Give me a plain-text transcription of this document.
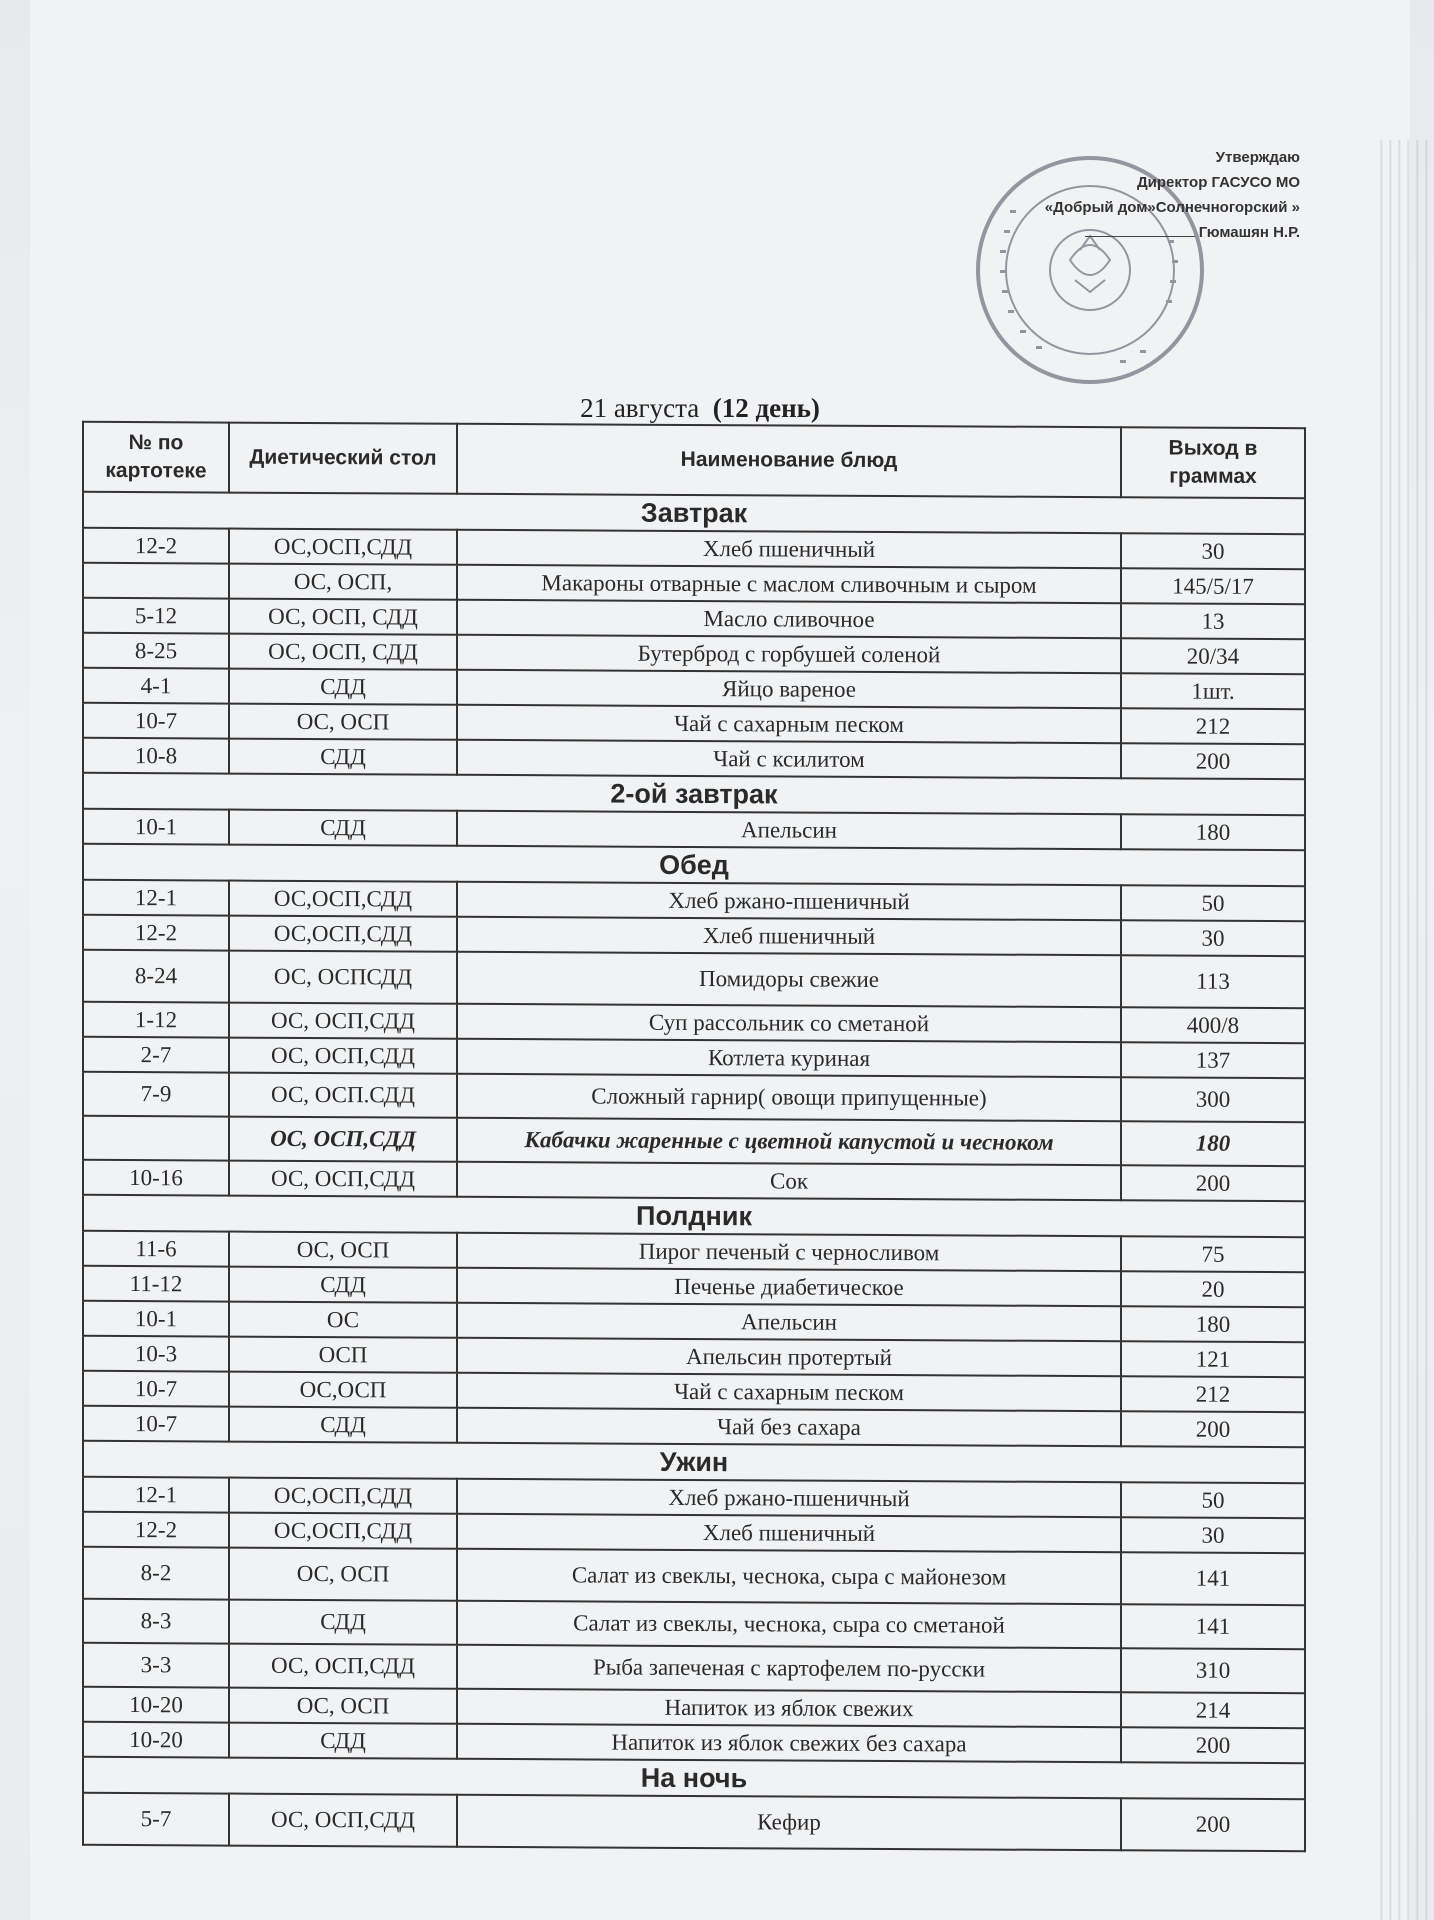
Утверждаю
Директор ГАСУСО МО
«Добрый дом»Солнечногорский »
Гюмашян Н.Р.
21 августа (12 день)
№ по картотеке	Диетический стол	Наименование блюд	Выход в граммах
Завтрак			
12-2	ОС,ОСП,СДД	Хлеб пшеничный	30
	ОС, ОСП,	Макароны отварные с маслом сливочным и сыром	145/5/17
5-12	ОС, ОСП, СДД	Масло сливочное	13
8-25	ОС, ОСП, СДД	Бутерброд с горбушей соленой	20/34
4-1	СДД	Яйцо вареное	1шт.
10-7	ОС, ОСП	Чай с сахарным песком	212
10-8	СДД	Чай с ксилитом	200
2-ой завтрак			
10-1	СДД	Апельсин	180
Обед			
12-1	ОС,ОСП,СДД	Хлеб ржано-пшеничный	50
12-2	ОС,ОСП,СДД	Хлеб пшеничный	30
8-24	ОС, ОСПСДД	Помидоры свежие	113
1-12	ОС, ОСП,СДД	Суп рассольник со сметаной	400/8
2-7	ОС, ОСП,СДД	Котлета куриная	137
7-9	ОС, ОСП.СДД	Сложный гарнир( овощи припущенные)	300
	ОС, ОСП,СДД	Кабачки жаренные с цветной капустой и чесноком	180
10-16	ОС, ОСП,СДД	Сок	200
Полдник			
11-6	ОС, ОСП	Пирог печеный с черносливом	75
11-12	СДД	Печенье диабетическое	20
10-1	ОС	Апельсин	180
10-3	ОСП	Апельсин протертый	121
10-7	ОС,ОСП	Чай с сахарным песком	212
10-7	СДД	Чай без сахара	200
Ужин			
12-1	ОС,ОСП,СДД	Хлеб ржано-пшеничный	50
12-2	ОС,ОСП,СДД	Хлеб пшеничный	30
8-2	ОС, ОСП	Салат из свеклы, чеснока, сыра с майонезом	141
8-3	СДД	Салат из свеклы, чеснока, сыра со сметаной	141
3-3	ОС, ОСП,СДД	Рыба запеченая с картофелем по-русски	310
10-20	ОС, ОСП	Напиток из яблок свежих	214
10-20	СДД	Напиток из яблок свежих без сахара	200
На ночь			
5-7	ОС, ОСП,СДД	Кефир	200
